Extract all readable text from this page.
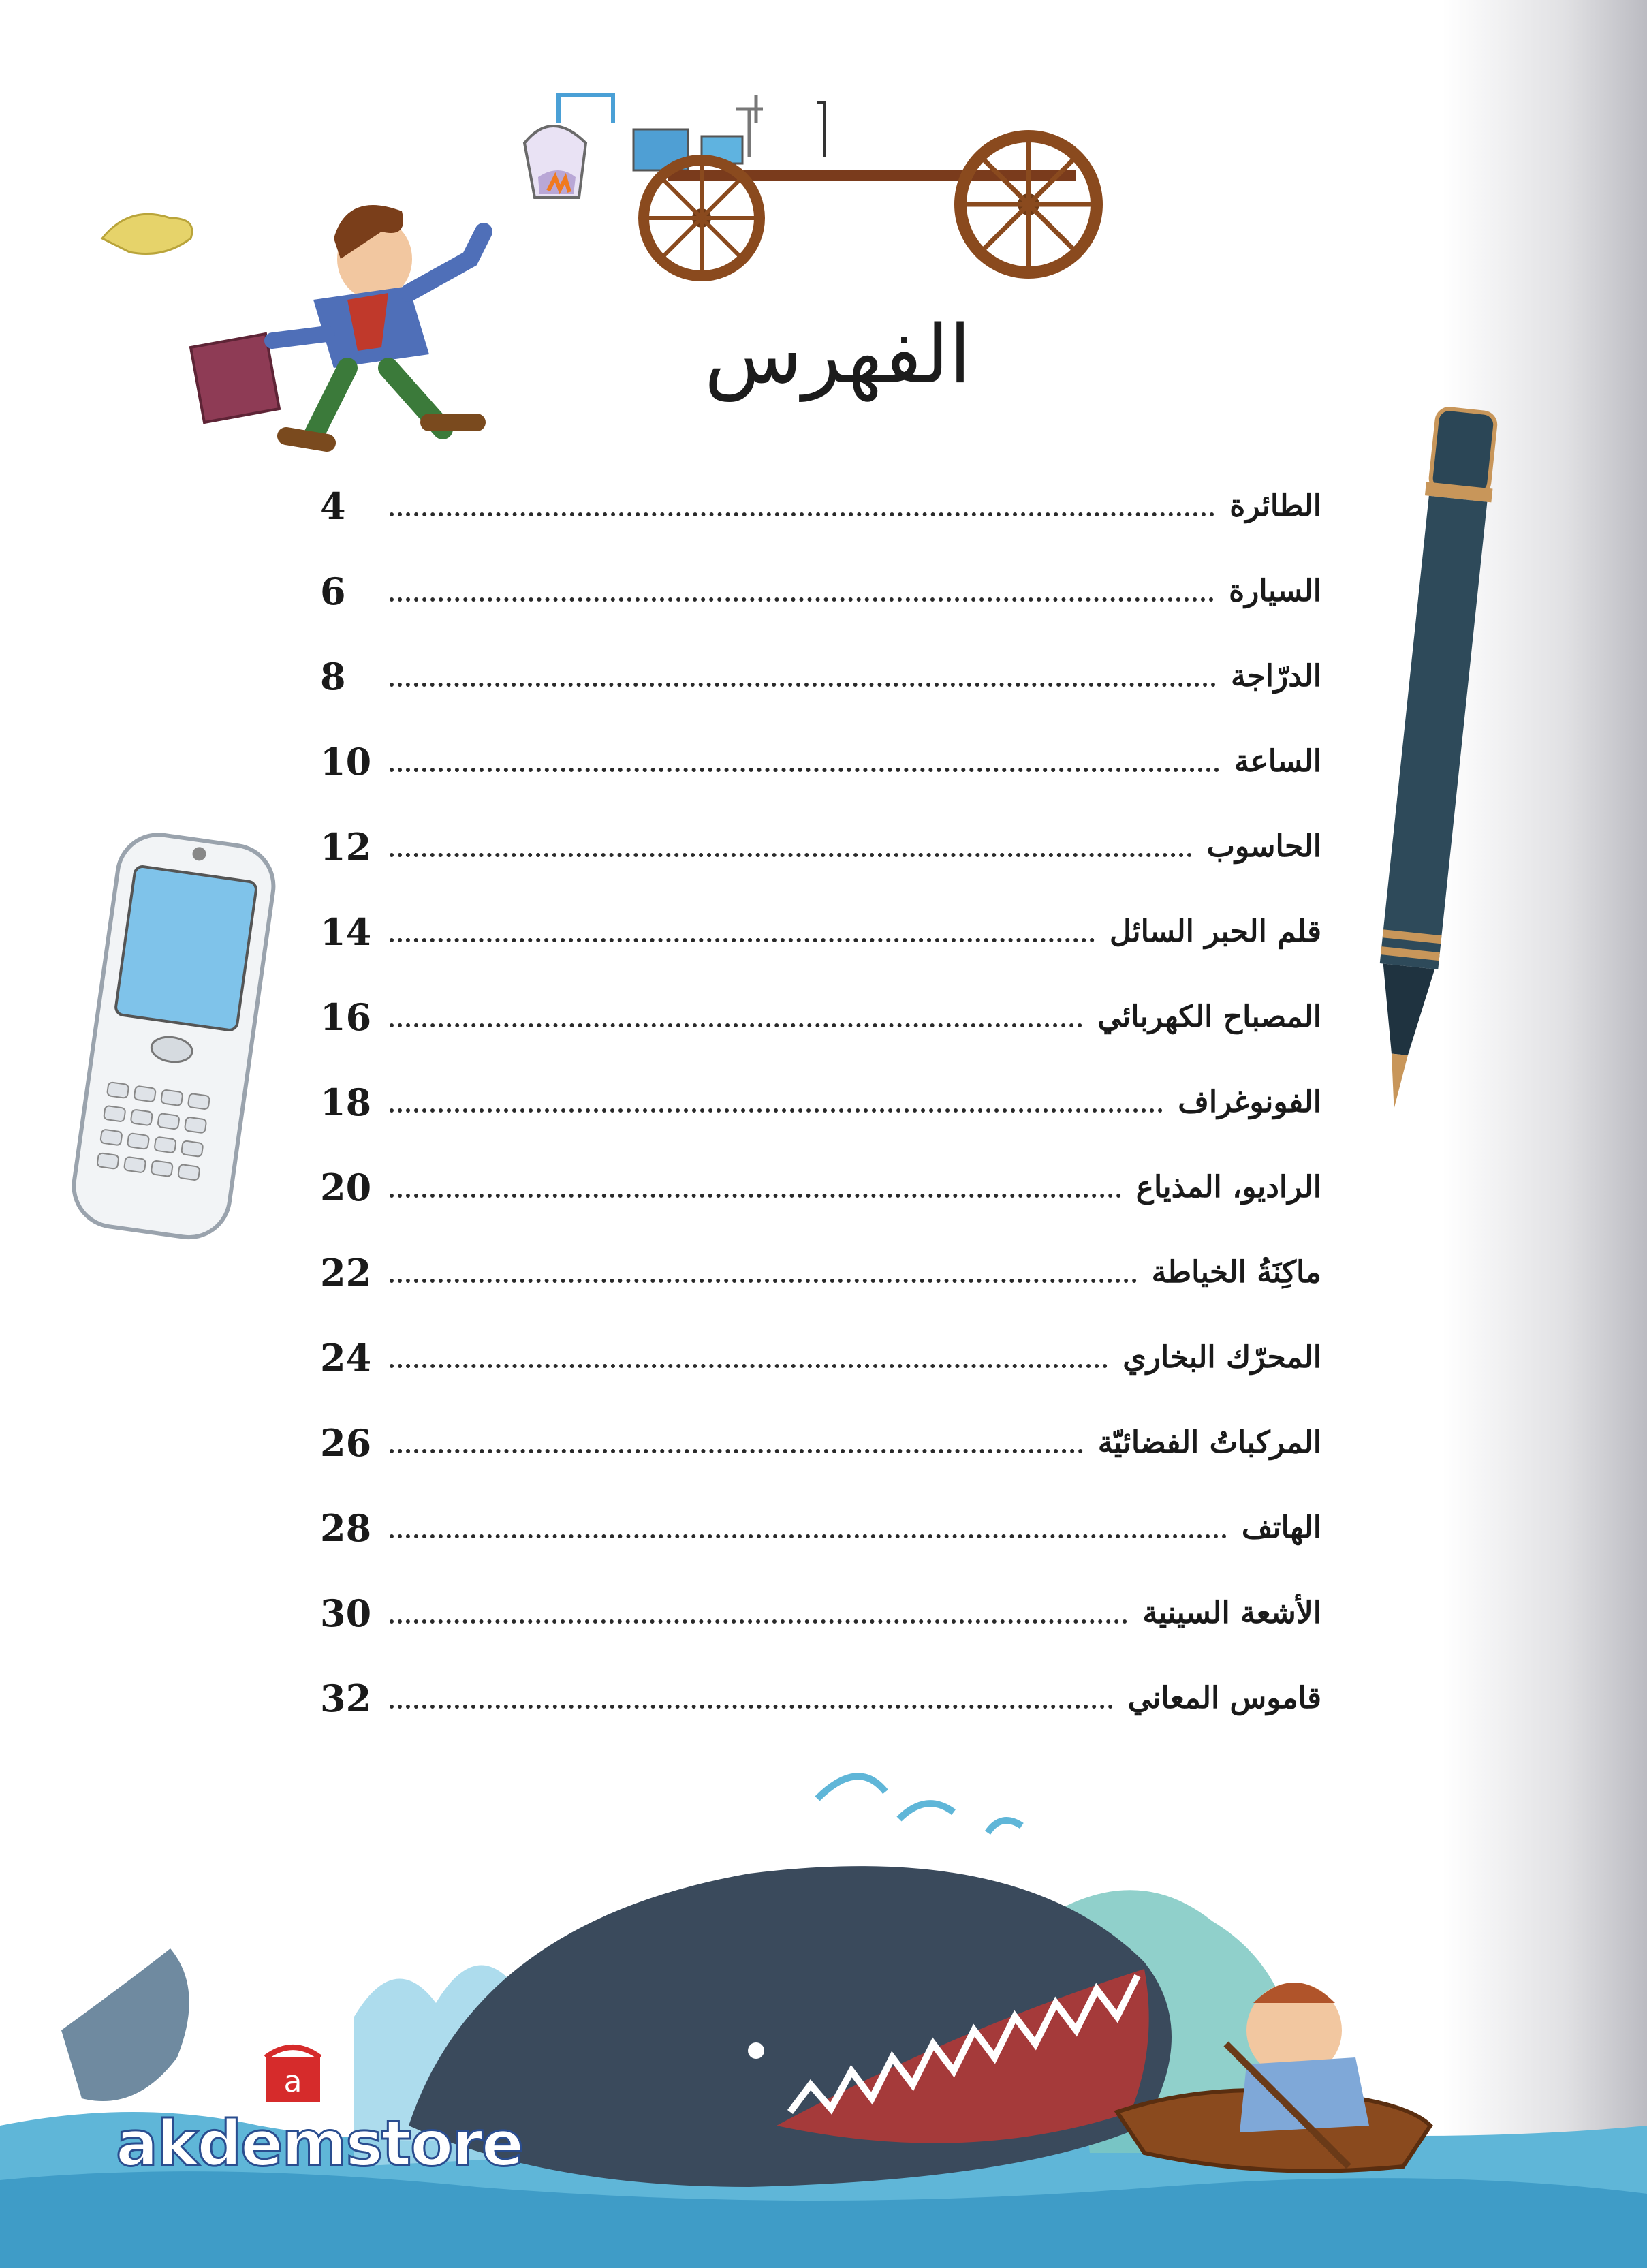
الفهرس
الطائرة
4
السيارة
6
الدرّاجة
8
الساعة
10
الحاسوب
12
قلم الحبر السائل
14
المصباح الكهربائي
16
الفونوغراف
18
الراديو، المذياع
20
ماكِنَةُ الخياطة
22
المحرّك البخاري
24
المركباتُ الفضائيّة
26
الهاتف
28
الأشعة السينية
30
قاموس المعاني
32
a
akdemstore
